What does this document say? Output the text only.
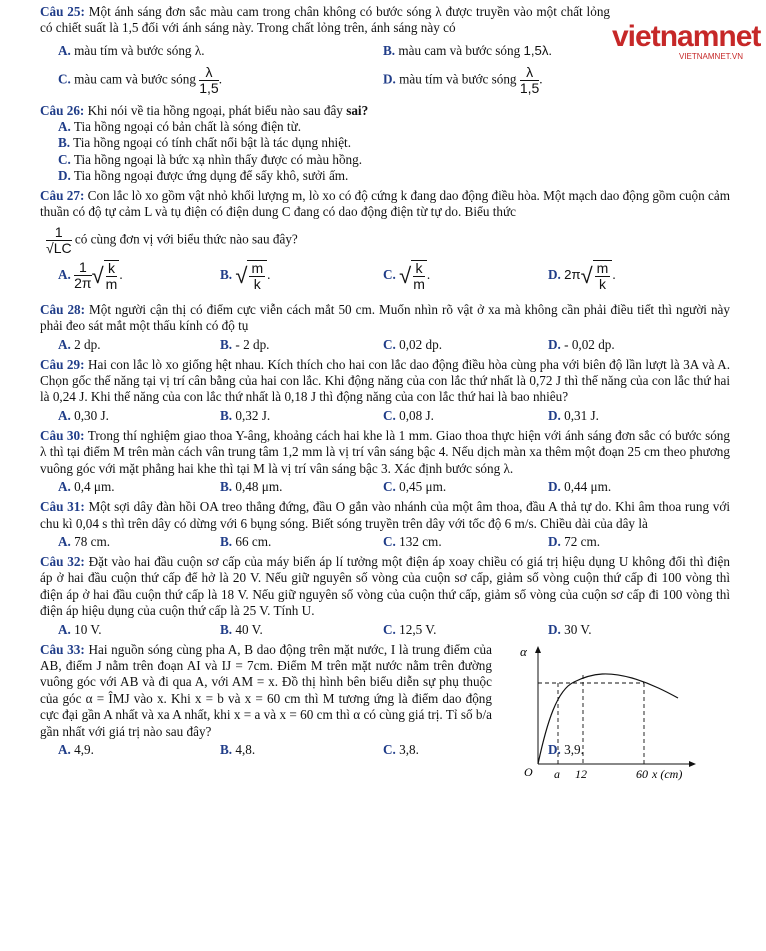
vietnamnet
VIETNAMNET.VN

Câu 25: Một ánh sáng đơn sắc màu cam trong chân không có bước sóng λ được truyền vào một chất lỏng có chiết suất là 1,5 đối với ánh sáng này. Trong chất lỏng trên, ánh sáng này có

A. màu tím và bước sóng λ.	B. màu cam và bước sóng 1,5λ.
C. màu cam và bước sóng $\frac{\lambda}{1,5}$ .	D. màu tím và bước sóng $\frac{\lambda}{1,5}$ .

Câu 26: Khi nói về tia hồng ngoại, phát biểu nào sau đây sai?

A. Tia hồng ngoại có bản chất là sóng điện từ.
B. Tia hồng ngoại có tính chất nổi bật là tác dụng nhiệt.
C. Tia hồng ngoại là bức xạ nhìn thấy được có màu hồng.
D. Tia hồng ngoại được ứng dụng để sấy khô, sưởi ấm.

Câu 27: Con lắc lò xo gồm vật nhỏ khối lượng m, lò xo có độ cứng k đang dao động điều hòa. Một mạch dao động gồm cuộn cảm thuần có độ tự cảm L và tụ điện có điện dung C đang có dao động điện từ tự do. Biểu thức

$\frac{1}{√LC}$ có cùng đơn vị với biểu thức nào sau đây?
A. $\frac{1}{2\pi}$ √ $\frac{k}{m}$ .	B. √ $\frac{m}{k}$ .	C. √ $\frac{k}{m}$ .	D. $2\pi√ \frac{m}{k}$ .

Câu 28: Một người cận thị có điểm cực viễn cách mắt 50 cm. Muốn nhìn rõ vật ở xa mà không cần phải điều tiết thì người này phải đeo sát mắt một thấu kính có độ tụ

A. 2 dp.	B. - 2 dp.	C. 0,02 dp.	D. - 0,02 dp.

Câu 29: Hai con lắc lò xo giống hệt nhau. Kích thích cho hai con lắc dao động điều hòa cùng pha với biên độ lần lượt là 3A và A. Chọn gốc thế năng tại vị trí cân bằng của hai con lắc. Khi động năng của con lắc thứ nhất là 0,72 J thì thế năng của con lắc thứ hai là 0,24 J. Khi thế năng của con lắc thứ nhất là 0,18 J thì động năng của con lắc thứ hai là bao nhiêu?

A. 0,30 J.	B. 0,32 J.	C. 0,08 J.	D. 0,31 J.

Câu 30: Trong thí nghiệm giao thoa Y-âng, khoảng cách hai khe là 1 mm. Giao thoa thực hiện với ánh sáng đơn sắc có bước sóng λ thì tại điểm M trên màn cách vân trung tâm 1,2 mm là vị trí vân sáng bậc 4. Nếu dịch màn xa thêm một đoạn 25 cm theo phương vuông góc với mặt phẳng hai khe thì tại M là vị trí vân sáng bậc 3. Xác định bước sóng λ.

A. 0,4 μm.	B. 0,48 μm.	C. 0,45 μm.	D. 0,44 μm.

Câu 31: Một sợi dây đàn hồi OA treo thẳng đứng, đầu O gắn vào nhánh của một âm thoa, đầu A thả tự do. Khi âm thoa rung với chu kì 0,04 s thì trên dây có dừng với 6 bụng sóng. Biết sóng truyền trên dây với tốc độ 6 m/s. Chiều dài của dây là

A. 78 cm.	B. 66 cm.	C. 132 cm.	D. 72 cm.

Câu 32: Đặt vào hai đầu cuộn sơ cấp của máy biến áp lí tưởng một điện áp xoay chiều có giá trị hiệu dụng U không đổi thì điện áp ở hai đầu cuộn thứ cấp để hở là 20 V. Nếu giữ nguyên số vòng của cuộn sơ cấp, giảm số vòng cuộn thứ cấp đi 100 vòng thì điện áp ở hai đầu cuộn thứ cấp là 18 V. Nếu giữ nguyên số vòng của cuộn thứ cấp, giảm số vòng của cuộn sơ cấp đi 100 vòng thì điện áp hiệu dụng của cuộn thứ cấp là 25 V. Tính U.

A. 10 V.	B. 40 V.	C. 12,5 V.	D. 30 V.

Câu 33: Hai nguồn sóng cùng pha A, B dao động trên mặt nước, I là trung điểm của AB, điểm J nằm trên đoạn AI và IJ = 7cm. Điểm M trên mặt nước nằm trên đường vuông góc với AB và đi qua A, với AM = x. Đồ thị hình bên biểu diễn sự phụ thuộc của góc α = ÎMJ vào x. Khi x = b và x = 60 cm thì M tương ứng là điểm dao động cực đại gần A nhất và xa A nhất, khi x = a và x = 60 cm thì α có cùng giá trị. Tỉ số b/a gần nhất với giá trị nào sau đây?

α
O a 12	60 x (cm)
A. 4,9.	B. 4,8.	C. 3,8.	D. 3,9.
